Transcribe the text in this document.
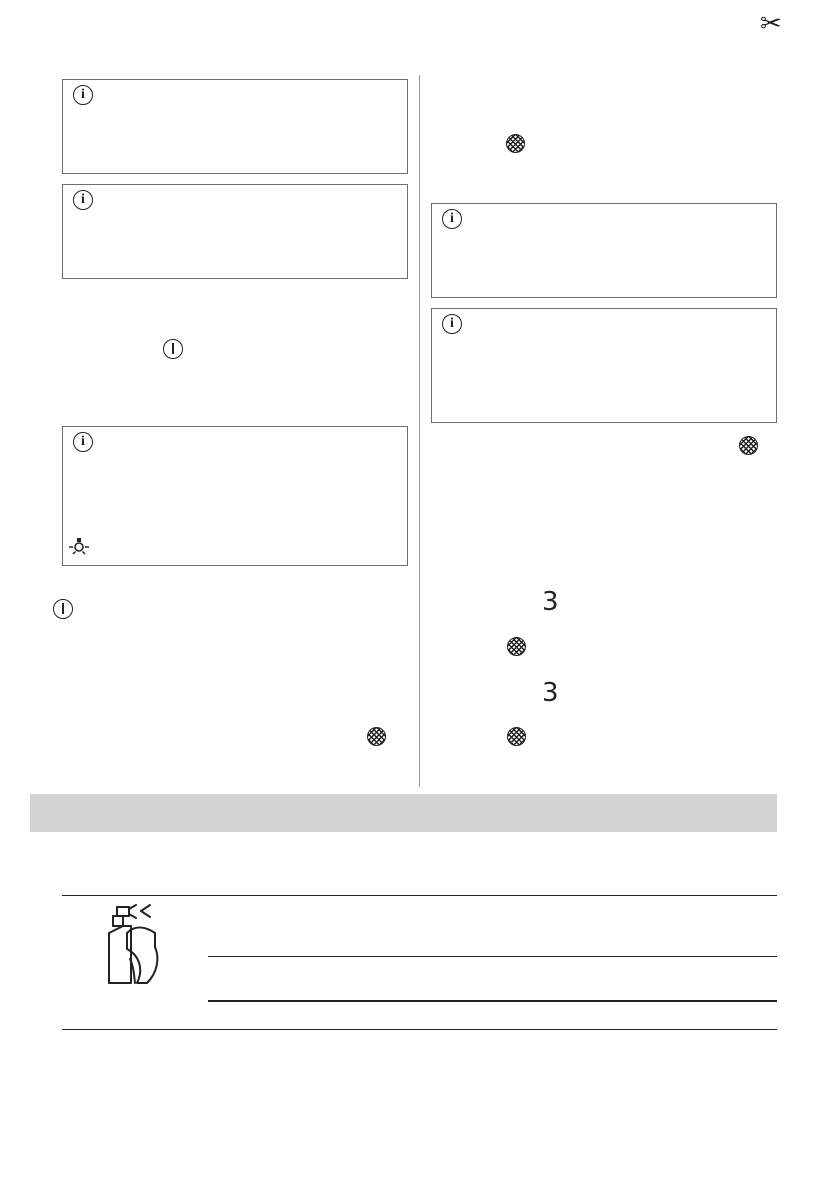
✂
i
i
i
i
i
3
3
